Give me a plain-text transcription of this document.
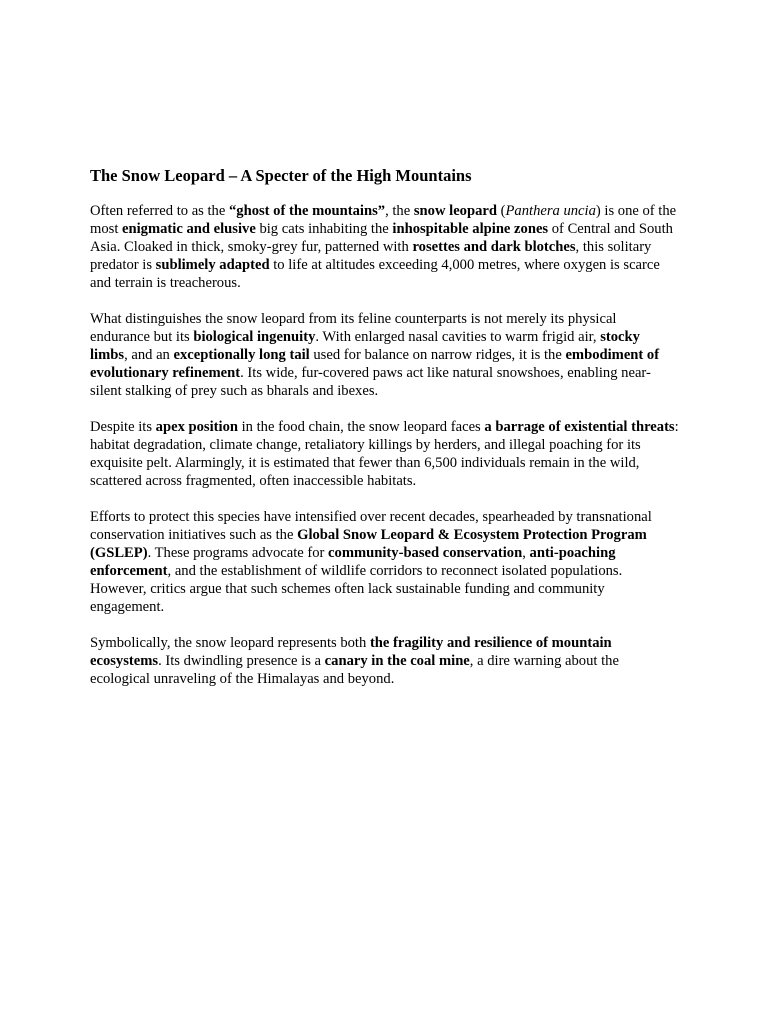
The Snow Leopard – A Specter of the High Mountains

Often referred to as the “ghost of the mountains”, the snow leopard (Panthera uncia) is one of the most enigmatic and elusive big cats inhabiting the inhospitable alpine zones of Central and South Asia. Cloaked in thick, smoky-grey fur, patterned with rosettes and dark blotches, this solitary predator is sublimely adapted to life at altitudes exceeding 4,000 metres, where oxygen is scarce and terrain is treacherous.

What distinguishes the snow leopard from its feline counterparts is not merely its physical endurance but its biological ingenuity. With enlarged nasal cavities to warm frigid air, stocky limbs, and an exceptionally long tail used for balance on narrow ridges, it is the embodiment of evolutionary refinement. Its wide, fur-covered paws act like natural snowshoes, enabling near-silent stalking of prey such as bharals and ibexes.

Despite its apex position in the food chain, the snow leopard faces a barrage of existential threats: habitat degradation, climate change, retaliatory killings by herders, and illegal poaching for its exquisite pelt. Alarmingly, it is estimated that fewer than 6,500 individuals remain in the wild, scattered across fragmented, often inaccessible habitats.

Efforts to protect this species have intensified over recent decades, spearheaded by transnational conservation initiatives such as the Global Snow Leopard & Ecosystem Protection Program (GSLEP). These programs advocate for community-based conservation, anti-poaching enforcement, and the establishment of wildlife corridors to reconnect isolated populations. However, critics argue that such schemes often lack sustainable funding and community engagement.

Symbolically, the snow leopard represents both the fragility and resilience of mountain ecosystems. Its dwindling presence is a canary in the coal mine, a dire warning about the ecological unraveling of the Himalayas and beyond.
